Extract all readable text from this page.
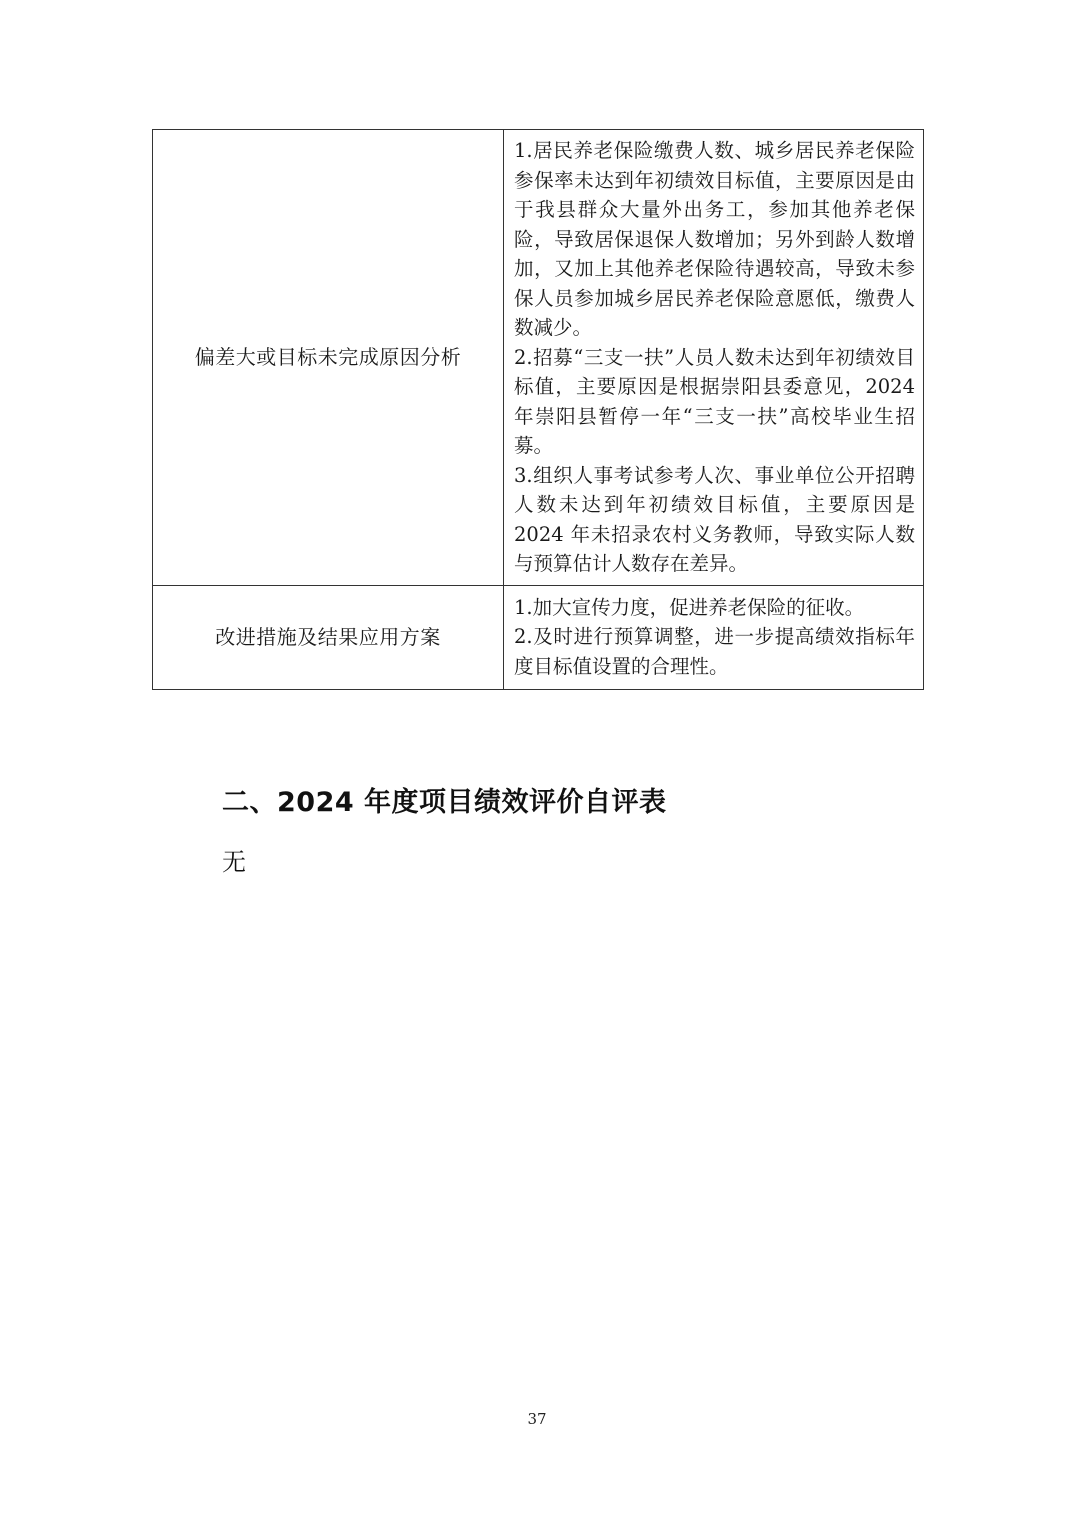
偏差大或目标未完成原因分析	1.居民养老保险缴费人数、城乡居民养老保险参保率未达到年初绩效目标值，主要原因是由于我县群众大量外出务工，参加其他养老保险，导致居保退保人数增加；另外到龄人数增加，又加上其他养老保险待遇较高，导致未参保人员参加城乡居民养老保险意愿低，缴费人数减少。
2.招募“三支一扶”人员人数未达到年初绩效目标值，主要原因是根据崇阳县委意见，2024 年崇阳县暂停一年“三支一扶”高校毕业生招募。
3.组织人事考试参考人次、事业单位公开招聘人数未达到年初绩效目标值，主要原因是 2024 年未招录农村义务教师，导致实际人数与预算估计人数存在差异。

改进措施及结果应用方案	1.加大宣传力度，促进养老保险的征收。
2.及时进行预算调整，进一步提高绩效指标年度目标值设置的合理性。
二、2024 年度项目绩效评价自评表
无
37
